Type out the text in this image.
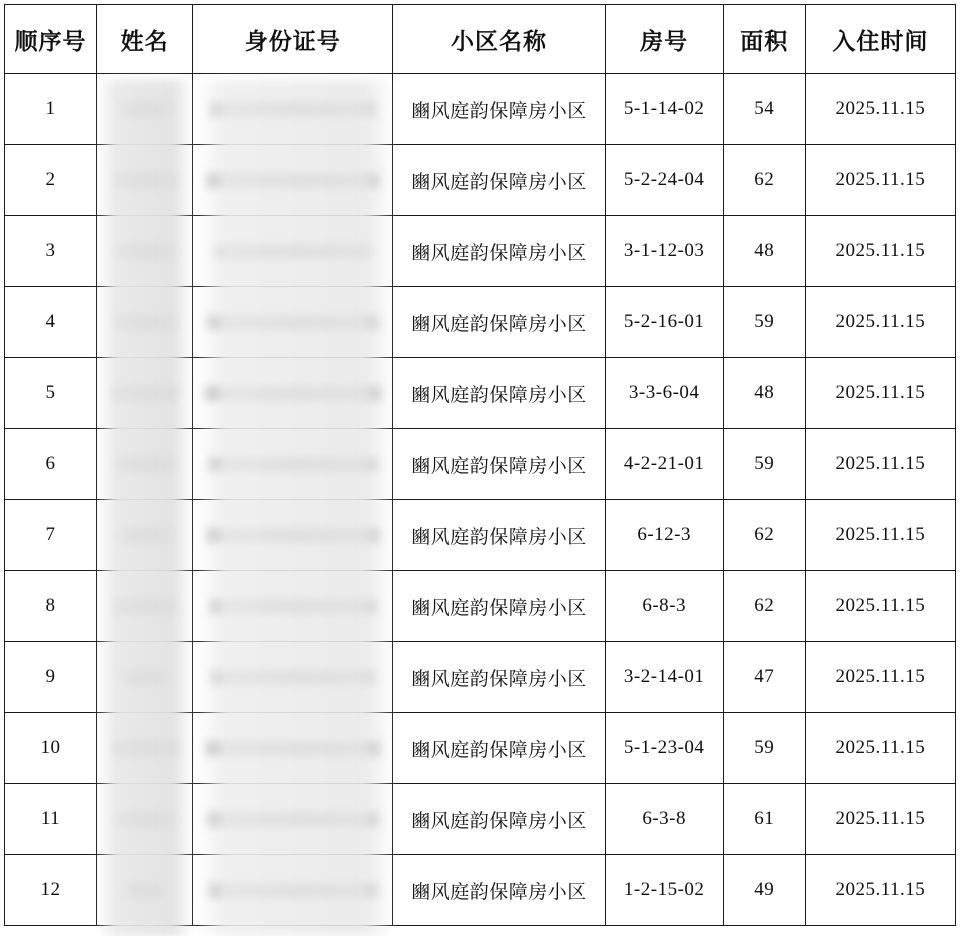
顺序号	姓名	身份证号	小区名称	房号	面积	入住时间
1			豳风庭韵保障房小区	5-1-14-02	54	2025.11.15
2			豳风庭韵保障房小区	5-2-24-04	62	2025.11.15
3			豳风庭韵保障房小区	3-1-12-03	48	2025.11.15
4			豳风庭韵保障房小区	5-2-16-01	59	2025.11.15
5			豳风庭韵保障房小区	3-3-6-04	48	2025.11.15
6			豳风庭韵保障房小区	4-2-21-01	59	2025.11.15
7			豳风庭韵保障房小区	6-12-3	62	2025.11.15
8			豳风庭韵保障房小区	6-8-3	62	2025.11.15
9			豳风庭韵保障房小区	3-2-14-01	47	2025.11.15
10			豳风庭韵保障房小区	5-1-23-04	59	2025.11.15
11			豳风庭韵保障房小区	6-3-8	61	2025.11.15
12			豳风庭韵保障房小区	1-2-15-02	49	2025.11.15
